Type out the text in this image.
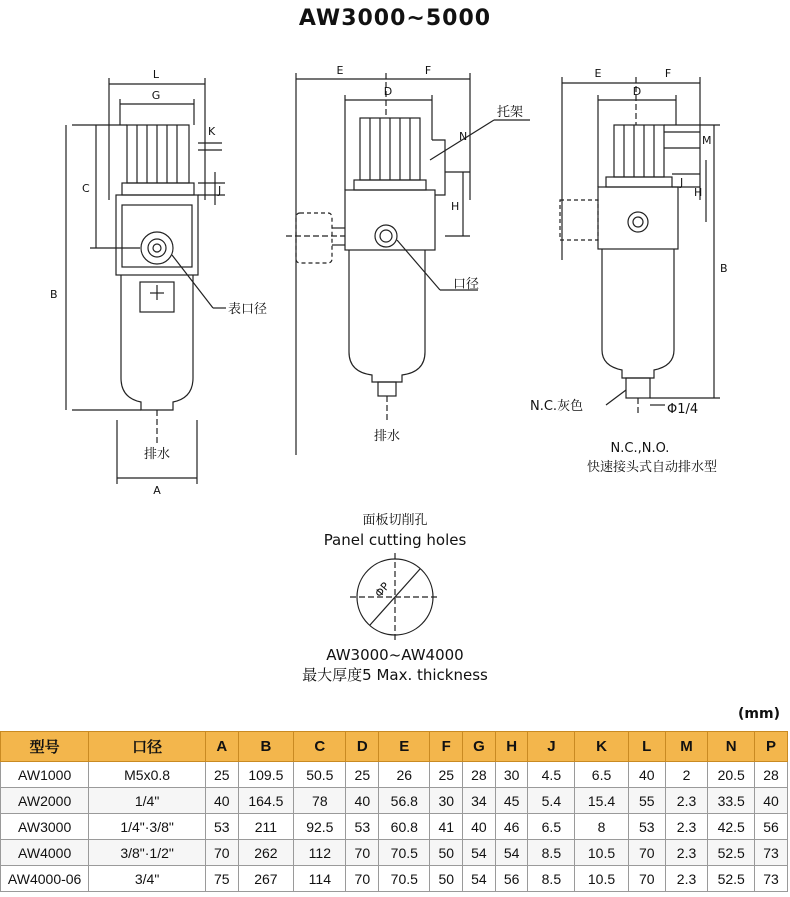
AW3000~5000
L
G
K
C	J
B
A
表口径
排水
E	F
D
N
H
托架
口径
排水
E	F
D
M
J
H
B
N.C.灰色	Φ1/4
N.C.,N.O.
快速接头式自动排水型
面板切削孔
Panel cutting holes
ΦP
AW3000~AW4000
最大厚度5 Max. thickness
(mm)
型号	口径	A	B	C	D	E	F	G	H	J	K	L	M	N	P
AW1000	M5x0.8	25	109.5	50.5	25	26	25	28	30	4.5	6.5	40	2	20.5	28
AW2000	1/4"	40	164.5	78	40	56.8	30	34	45	5.4	15.4	55	2.3	33.5	40
AW3000	1/4"·3/8"	53	211	92.5	53	60.8	41	40	46	6.5	8	53	2.3	42.5	56
AW4000	3/8"·1/2"	70	262	112	70	70.5	50	54	54	8.5	10.5	70	2.3	52.5	73
AW4000-06	3/4"	75	267	114	70	70.5	50	54	56	8.5	10.5	70	2.3	52.5	73
